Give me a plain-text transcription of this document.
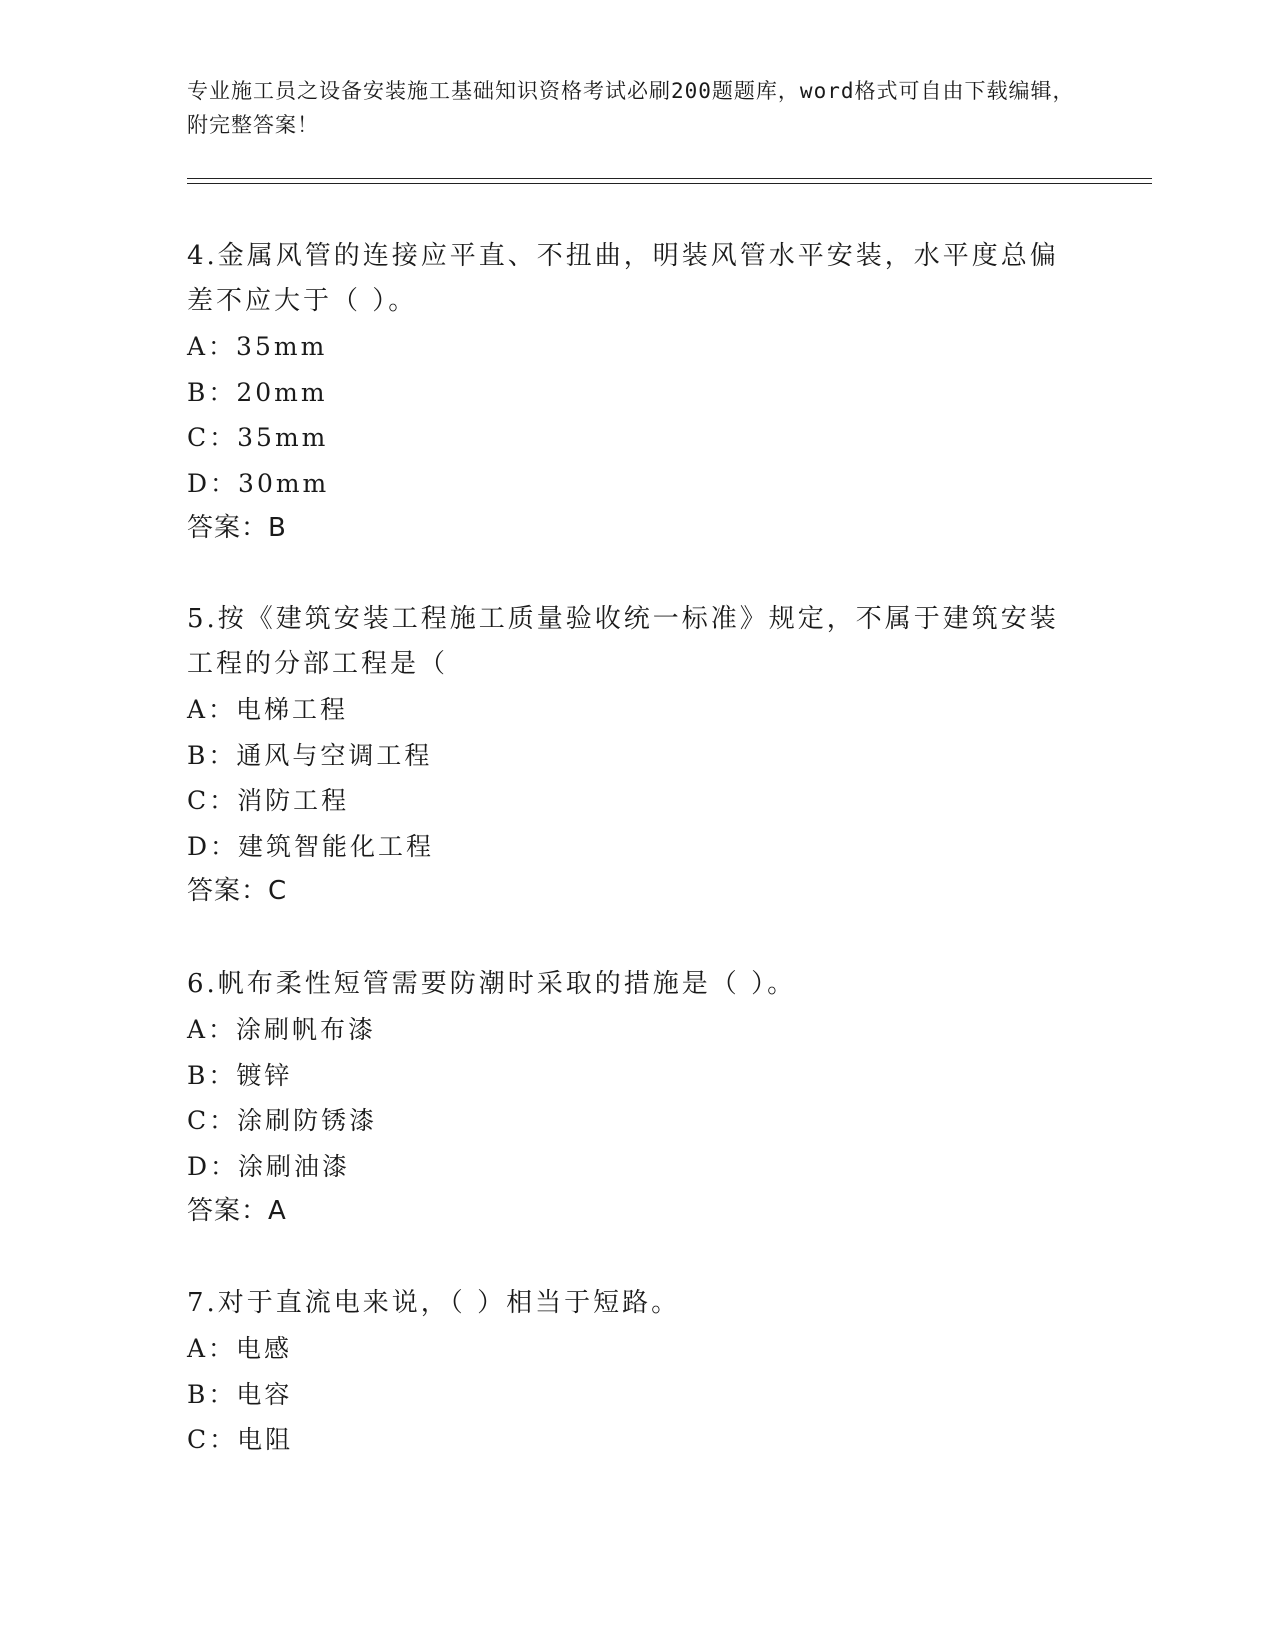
专业施工员之设备安装施工基础知识资格考试必刷200题题库，word格式可自由下载编辑，附完整答案！
4.金属风管的连接应平直、不扭曲，明装风管水平安装，水平度总偏差不应大于（ ）。
A：35mm
B：20mm
C：35mm
D：30mm
答案：B
5.按《建筑安装工程施工质量验收统一标准》规定，不属于建筑安装工程的分部工程是（
A：电梯工程
B：通风与空调工程
C：消防工程
D：建筑智能化工程
答案：C
6.帆布柔性短管需要防潮时采取的措施是（ ）。
A：涂刷帆布漆
B：镀锌
C：涂刷防锈漆
D：涂刷油漆
答案：A
7.对于直流电来说，（ ）相当于短路。
A：电感
B：电容
C：电阻
